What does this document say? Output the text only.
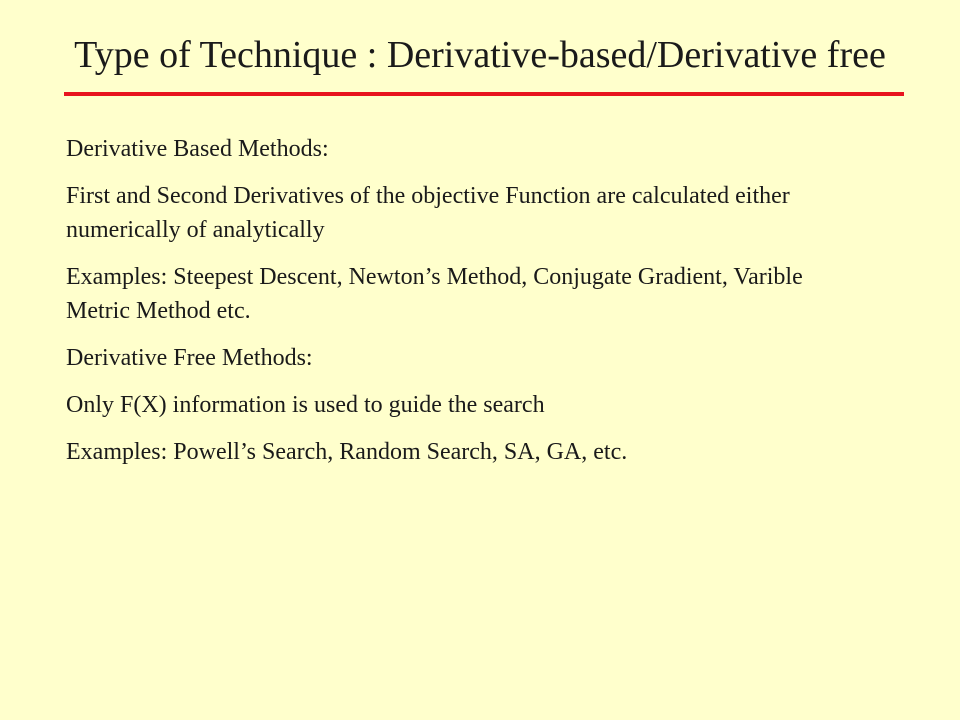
Type of Technique : Derivative-based/Derivative free

Derivative Based Methods:

First and Second Derivatives of the objective Function are calculated either numerically of analytically

Examples: Steepest Descent, Newton’s Method, Conjugate Gradient, Varible Metric Method etc.

Derivative Free Methods:

Only F(X) information is used to guide the search

Examples: Powell’s Search, Random Search, SA, GA, etc.
